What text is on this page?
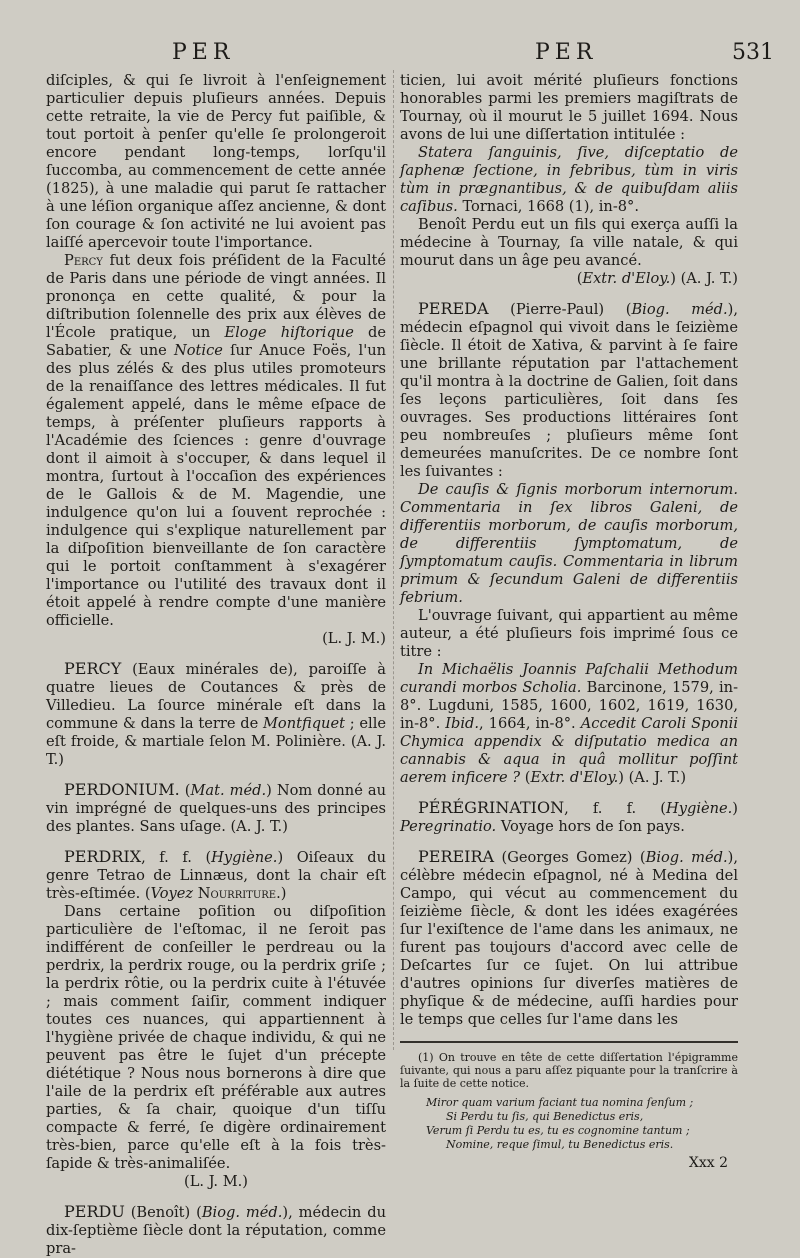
PER	PER	531

diſciples, & qui ſe livroit à l'enſeignement particulier depuis pluſieurs années. Depuis cette retraite, la vie de Percy fut paiſible, & tout portoit à penſer qu'elle ſe prolongeroit encore pendant long-temps, lorſqu'il ſuccomba, au commencement de cette année (1825), à une maladie qui parut ſe rattacher à une léſion organique aſſez ancienne, & dont ſon courage & ſon activité ne lui avoient pas laiſſé apercevoir toute l'importance.

Percy fut deux fois préſident de la Faculté de Paris dans une période de vingt années. Il prononça en cette qualité, & pour la diſtribution ſolennelle des prix aux élèves de l'École pratique, un Eloge hiſtorique de Sabatier, & une Notice ſur Anuce Foës, l'un des plus zélés & des plus utiles promoteurs de la renaiſſance des lettres médicales. Il fut également appelé, dans le même eſpace de temps, à préſenter pluſieurs rapports à l'Académie des ſciences : genre d'ouvrage dont il aimoit à s'occuper, & dans lequel il montra, ſurtout à l'occaſion des expériences de le Gallois & de M. Magendie, une indulgence qu'on lui a ſouvent reprochée : indulgence qui s'explique naturellement par la diſpoſition bienveillante de ſon caractère qui le portoit conſtamment à s'exagérer l'importance ou l'utilité des travaux dont il étoit appelé à rendre compte d'une manière officielle.

(L. J. M.)

PERCY (Eaux minérales de), paroiſſe à quatre lieues de Coutances & près de Villedieu. La ſource minérale eſt dans la commune & dans la terre de Montfiquet ; elle eſt froide, & martiale ſelon M. Polinière. (A. J. T.)

PERDONIUM. (Mat. méd.) Nom donné au vin imprégné de quelques-uns des principes des plantes. Sans uſage. (A. J. T.)

PERDRIX, f. f. (Hygiène.) Oiſeaux du genre Tetrao de Linnæus, dont la chair eſt très-eſtimée. (Voyez Nourriture.)

Dans certaine poſition ou diſpoſition particulière de l'eſtomac, il ne ſeroit pas indifférent de conſeiller le perdreau ou la perdrix, la perdrix rouge, ou la perdrix griſe ; la perdrix rôtie, ou la perdrix cuite à l'étuvée ; mais comment ſaiſir, comment indiquer toutes ces nuances, qui appartiennent à l'hygiène privée de chaque individu, & qui ne peuvent pas être le ſujet d'un précepte diététique ? Nous nous bornerons à dire que l'aile de la perdrix eſt préférable aux autres parties, & ſa chair, quoique d'un tiſſu compacte & ferré, ſe digère ordinairement très-bien, parce qu'elle eſt à la fois très-ſapide & très-animaliſée.

(L. J. M.)

PERDU (Benoît) (Biog. méd.), médecin du dix-ſeptième ſiècle dont la réputation, comme pra-

ticien, lui avoit mérité pluſieurs fonctions honorables parmi les premiers magiſtrats de Tournay, où il mourut le 5 juillet 1694. Nous avons de lui une diſſertation intitulée :

Statera ſanguinis, ſive, diſceptatio de ſaphenæ ſectione, in febribus, tùm in viris tùm in prægnantibus, & de quibuſdam aliis caſibus. Tornaci, 1668 (1), in-8°.

Benoît Perdu eut un fils qui exerça auſſi la médecine à Tournay, ſa ville natale, & qui mourut dans un âge peu avancé.

(Extr. d'Eloy.) (A. J. T.)

PEREDA (Pierre-Paul) (Biog. méd.), médecin eſpagnol qui vivoit dans le ſeizième ſiècle. Il étoit de Xativa, & parvint à ſe faire une brillante réputation par l'attachement qu'il montra à la doctrine de Galien, ſoit dans ſes leçons particulières, ſoit dans ſes ouvrages. Ses productions littéraires ſont peu nombreuſes ; pluſieurs même ſont demeurées manuſcrites. De ce nombre ſont les ſuivantes :

De cauſis & ſignis morborum internorum. Commentaria in ſex libros Galeni, de differentiis morborum, de cauſis morborum, de differentiis ſymptomatum, de ſymptomatum cauſis. Commentaria in librum primum & ſecundum Galeni de differentiis febrium.

L'ouvrage ſuivant, qui appartient au même auteur, a été pluſieurs fois imprimé ſous ce titre :

In Michaëlis Joannis Paſchalii Methodum curandi morbos Scholia. Barcinone, 1579, in-8°. Lugduni, 1585, 1600, 1602, 1619, 1630, in-8°. Ibid., 1664, in-8°. Accedit Caroli Sponii Chymica appendix & diſputatio medica an cannabis & aqua in quâ mollitur poſſint aerem inficere ? (Extr. d'Eloy.) (A. J. T.)

PÉRÉGRINATION, f. f. (Hygiène.) Peregrinatio. Voyage hors de ſon pays.

PEREIRA (Georges Gomez) (Biog. méd.), célèbre médecin eſpagnol, né à Medina del Campo, qui vécut au commencement du ſeizième ſiècle, & dont les idées exagérées ſur l'exiſtence de l'ame dans les animaux, ne furent pas toujours d'accord avec celle de Deſcartes ſur ce ſujet. On lui attribue d'autres opinions ſur diverſes matières de phyſique & de médecine, auſſi hardies pour le temps que celles ſur l'ame dans les

(1) On trouve en tête de cette diſſertation l'épigramme ſuivante, qui nous a paru aſſez piquante pour la tranſcrire à la ſuite de cette notice.

Miror quam varium faciant tua nomina ſenſum ;
Si Perdu tu ſis, qui Benedictus eris,
Verum ſi Perdu tu es, tu es cognomine tantum ;
Nomine, reque ſimul, tu Benedictus eris.
Xxx 2
